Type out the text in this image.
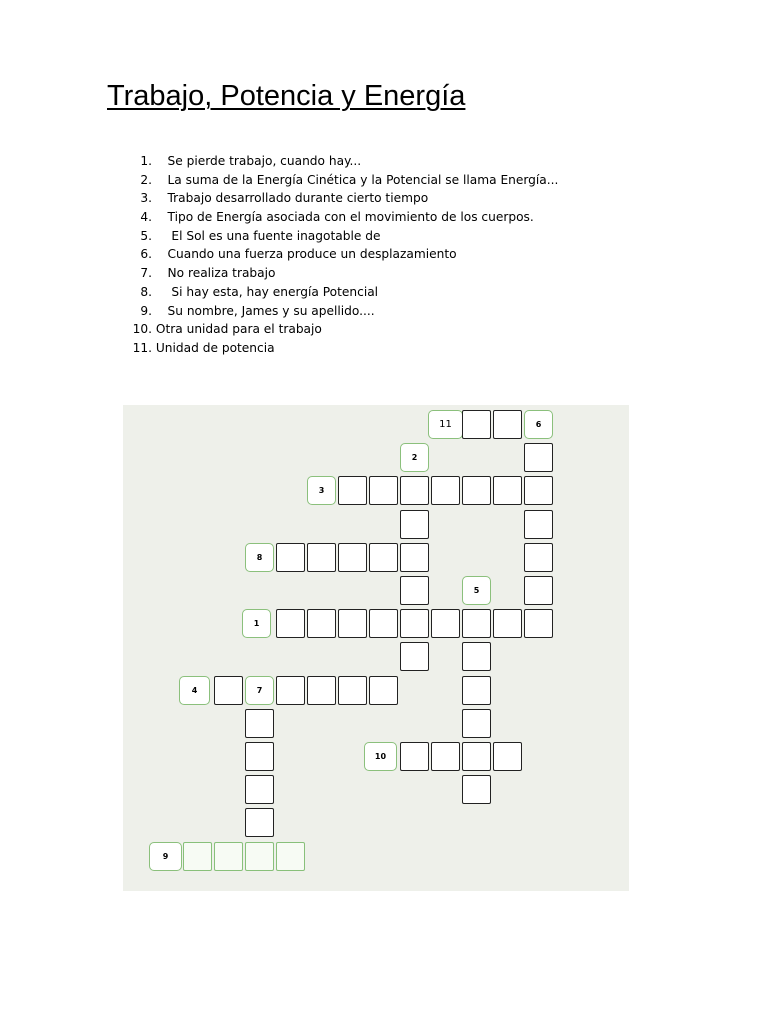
Trabajo, Potencia y Energía
1. Se pierde trabajo, cuando hay...
2. La suma de la Energía Cinética y la Potencial se llama Energía...
3. Trabajo desarrollado durante cierto tiempo
4. Tipo de Energía asociada con el movimiento de los cuerpos.
5.     El Sol es una fuente inagotable de
6. Cuando una fuerza produce un desplazamiento
7. No realiza trabajo
8.     Si hay esta, hay energía Potencial
9. Su nombre, James y su apellido....
10. Otra unidad para el trabajo
11. Unidad de potencia
11	6
2
3
8
5
1
4	7
10
9
